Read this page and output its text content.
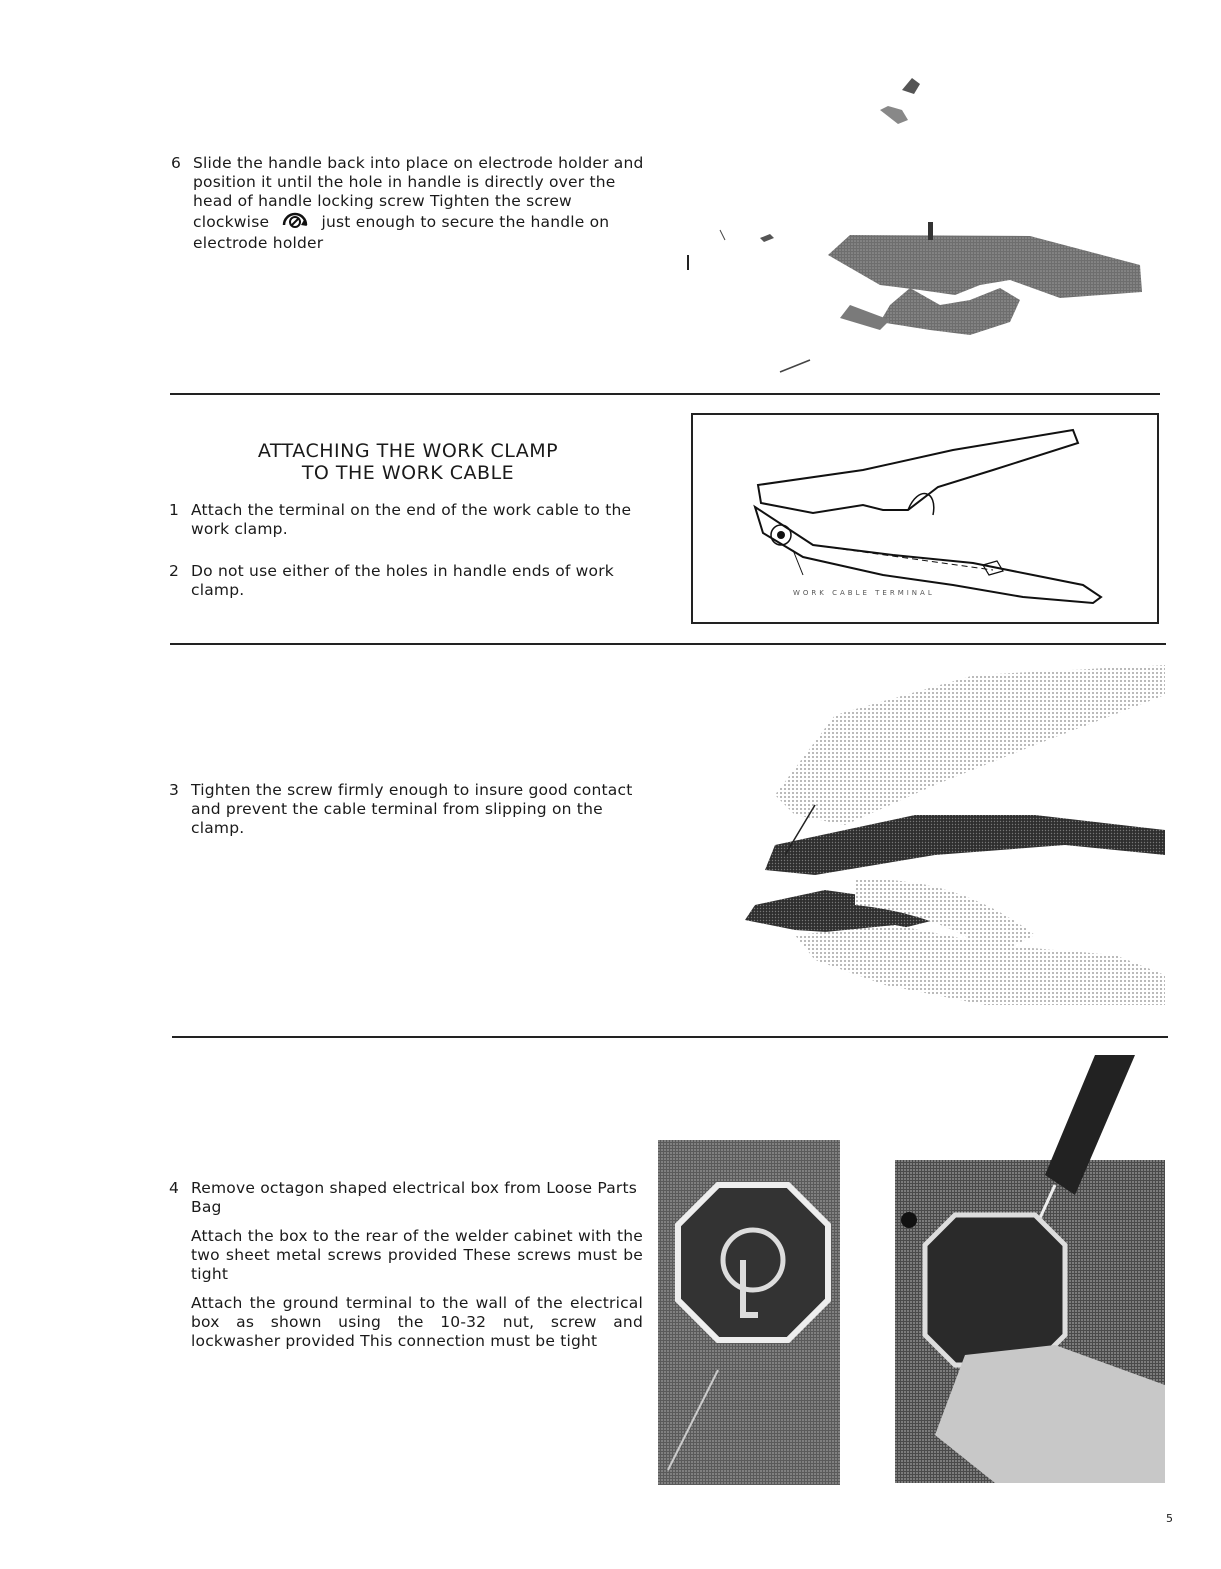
6 Slide the handle back into place on electrode holder and position it until the hole in handle is directly over the head of handle locking screw Tighten the screw clockwise	just enough to secure the handle on electrode holder

ATTACHING THE WORK CLAMP
TO THE WORK CABLE
1 Attach the terminal on the end of the work cable to the work clamp.

2 Do not use either of the holes in handle ends of work clamp.	WORK CABLE TERMINAL
3 Tighten the screw firmly enough to insure good contact and prevent the cable terminal from slipping on the clamp.

4 Remove octagon shaped electrical box from Loose Parts Bag

Attach the box to the rear of the welder cabinet with the two sheet metal screws provided These screws must be tight

Attach the ground terminal to the wall of the electrical box as shown using the 10-32 nut, screw and lockwasher provided This connection must be tight

5
